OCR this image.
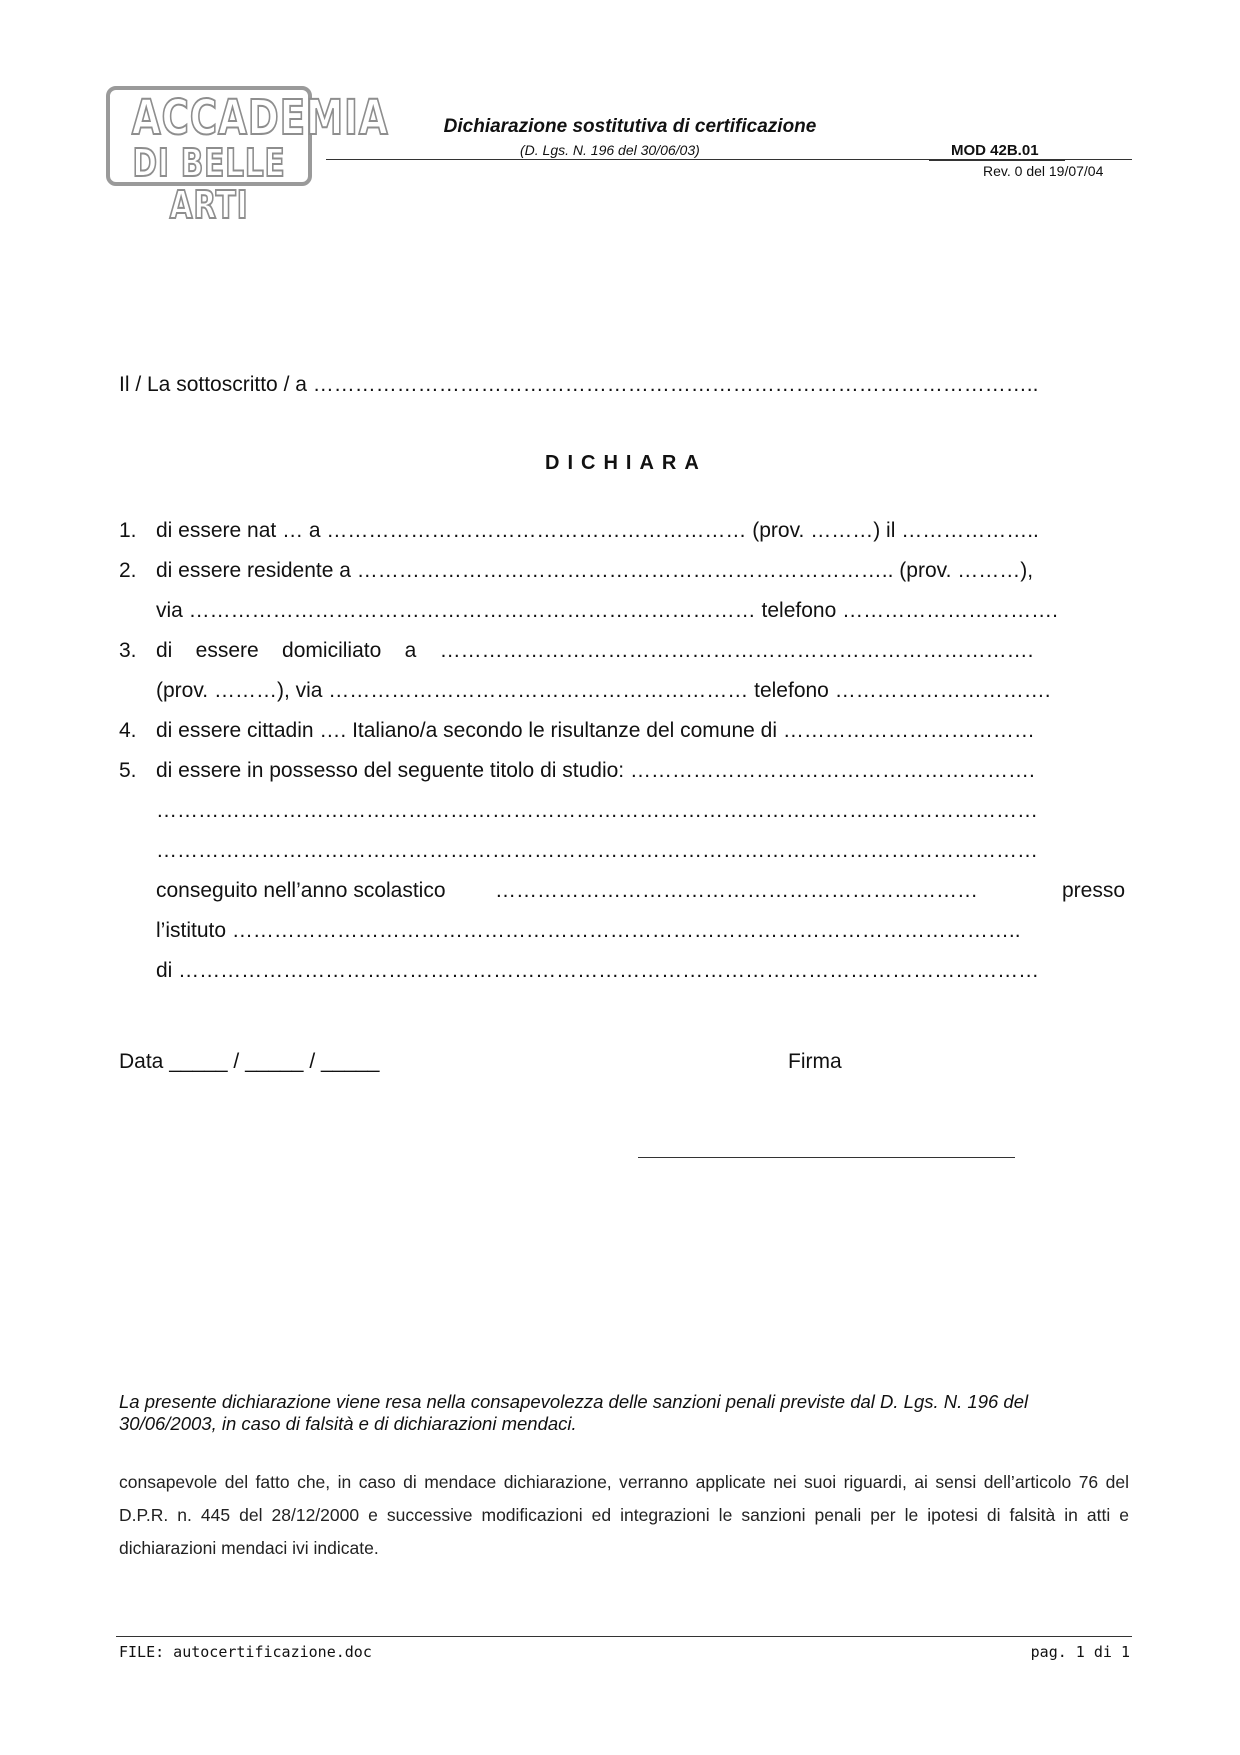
ACCADEMIA
DI BELLE ARTI
Dichiarazione sostitutiva di certificazione
(D. Lgs. N. 196 del 30/06/03)	MOD 42B.01
Rev. 0 del 19/07/04
Il / La sottoscritto / a …………………………………………………………………………………………..
DICHIARA
1. di essere nat … a …………………………………………………… (prov. ………) il ………………..
2. di essere residente a ………………………………………………………………….. (prov. ………),
via ……………………………………………………………………… telefono ………………………….
3. di    essere    domiciliato    a    ………………………………………………………………………….
(prov. ………), via …………………………………………………… telefono ………………………….
4. di essere cittadin …. Italiano/a secondo le risultanze del comune di ………………………………
5. di essere in possesso del seguente titolo di studio: ………………………………………………….
………………………………………………………………………………………………………………
………………………………………………………………………………………………………………
conseguito nell’anno scolastico ……………………………………………………………	presso
l’istituto …………………………………………………………………………………………………..
di ……………………………………………………………………………………………………………
Data _____ / _____ / _____	Firma
La presente dichiarazione viene resa nella consapevolezza delle sanzioni penali previste dal D. Lgs. N. 196 del 30/06/2003, in caso di falsità e di dichiarazioni mendaci.
consapevole del fatto che, in caso di mendace dichiarazione, verranno applicate nei suoi riguardi, ai sensi dell’articolo 76 del D.P.R. n. 445 del 28/12/2000 e successive modificazioni ed integrazioni le sanzioni penali per le ipotesi di falsità in atti e dichiarazioni mendaci ivi indicate.
FILE: autocertificazione.doc	pag. 1 di 1
